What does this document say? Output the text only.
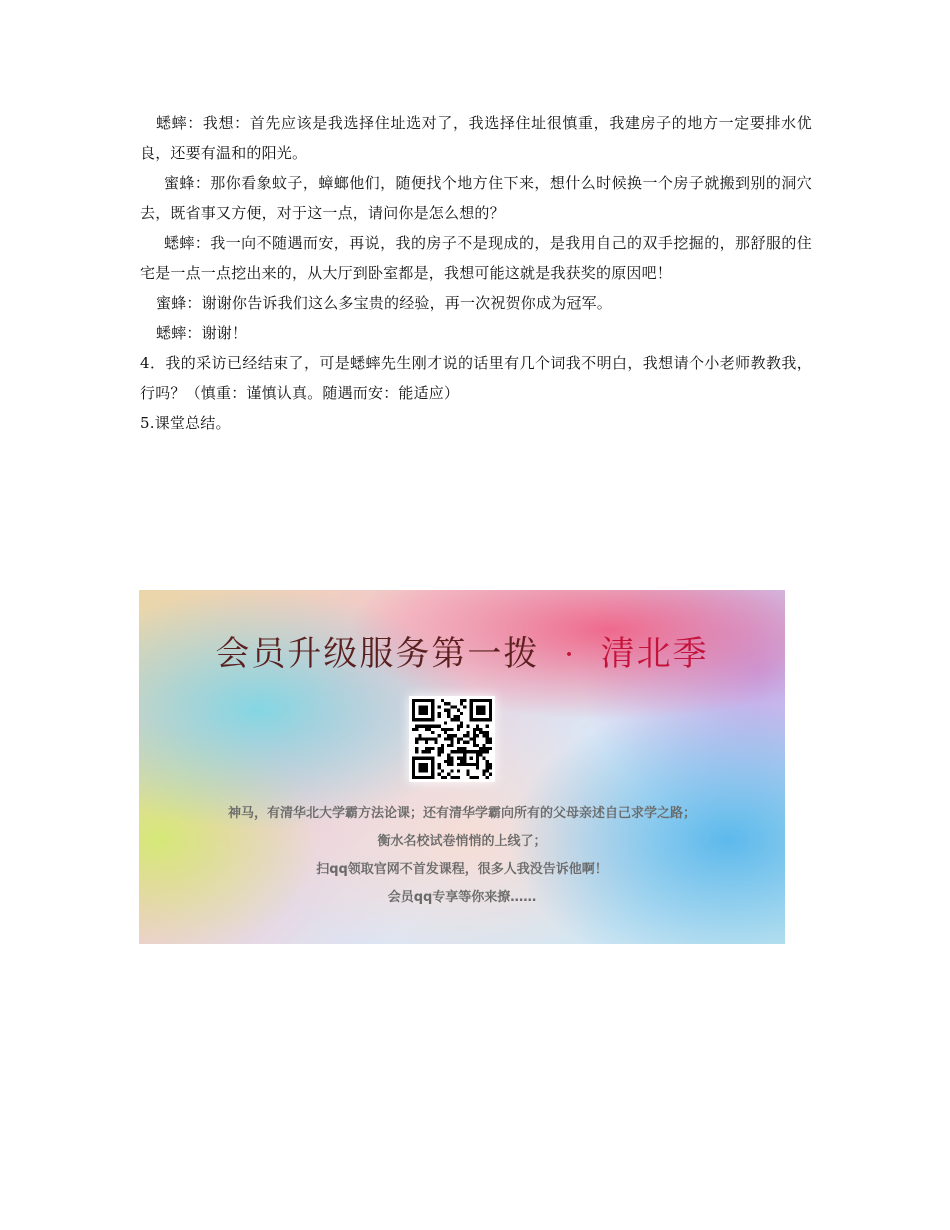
蟋蟀：我想：首先应该是我选择住址选对了，我选择住址很慎重，我建房子的地方一定要排水优良，还要有温和的阳光。

蜜蜂：那你看象蚊子，蟑螂他们，随便找个地方住下来，想什么时候换一个房子就搬到别的洞穴去，既省事又方便，对于这一点，请问你是怎么想的？

蟋蟀：我一向不随遇而安，再说，我的房子不是现成的，是我用自己的双手挖掘的，那舒服的住宅是一点一点挖出来的，从大厅到卧室都是，我想可能这就是我获奖的原因吧！

蜜蜂：谢谢你告诉我们这么多宝贵的经验，再一次祝贺你成为冠军。

蟋蟀：谢谢！

4．我的采访已经结束了，可是蟋蟀先生刚才说的话里有几个词我不明白，我想请个小老师教教我，行吗？（慎重：谨慎认真。随遇而安：能适应）

5.课堂总结。

会员升级服务第一拨 · 清北季
神马，有清华北大学霸方法论课；还有清华学霸向所有的父母亲述自己求学之路；
衡水名校试卷悄悄的上线了；
扫qq领取官网不首发课程，很多人我没告诉他啊！
会员qq专享等你来撩……
